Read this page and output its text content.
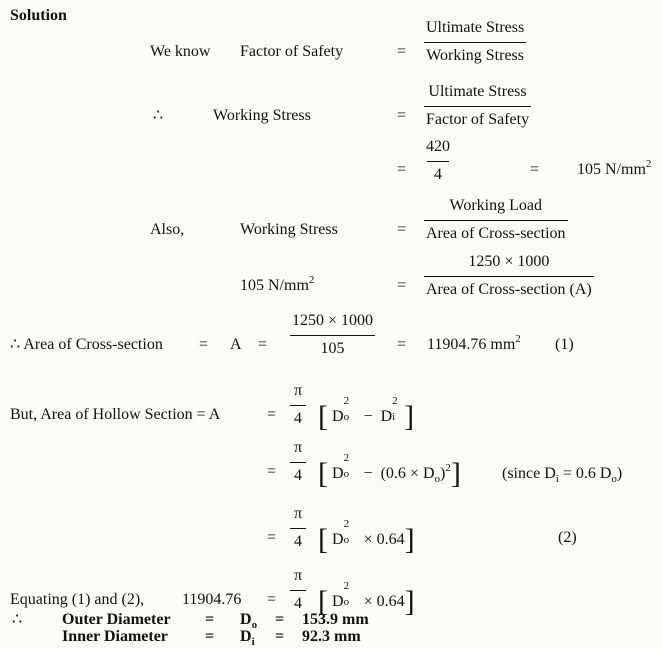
Solution
We know Factor of Safety	=
Ultimate Stress
Working Stress
∴	Working Stress	=
Ultimate Stress
Factor of Safety
=
420
4	= 105 $N/mm^2$
Also,	Working Stress	=
Working Load
Area of Cross-section
105 $N/mm^2$	=
1250 × 1000
Area of Cross-section (A)
∴ Area of Cross-section = A =
1250 × 1000
105	= 11904.76 $mm^2$ (1)
But, Area of Hollow Section = A	=
π
4 [ D
2
o − D
2
i ]
=
π
4 [ D
2
$o - (0.6 \times D_o)^2$]	(since $D_i = 0.6$ $D_o$)
=
π
4 [ D
2
o × 0.64]	(2)
Equating (1) and (2), 11904.76 =
π
4 [ D
2
o × 0.64]
∴ Outer Diameter = $D_o = 153.9$ mm
Inner Diameter = $D_i = 92.3$ mm
